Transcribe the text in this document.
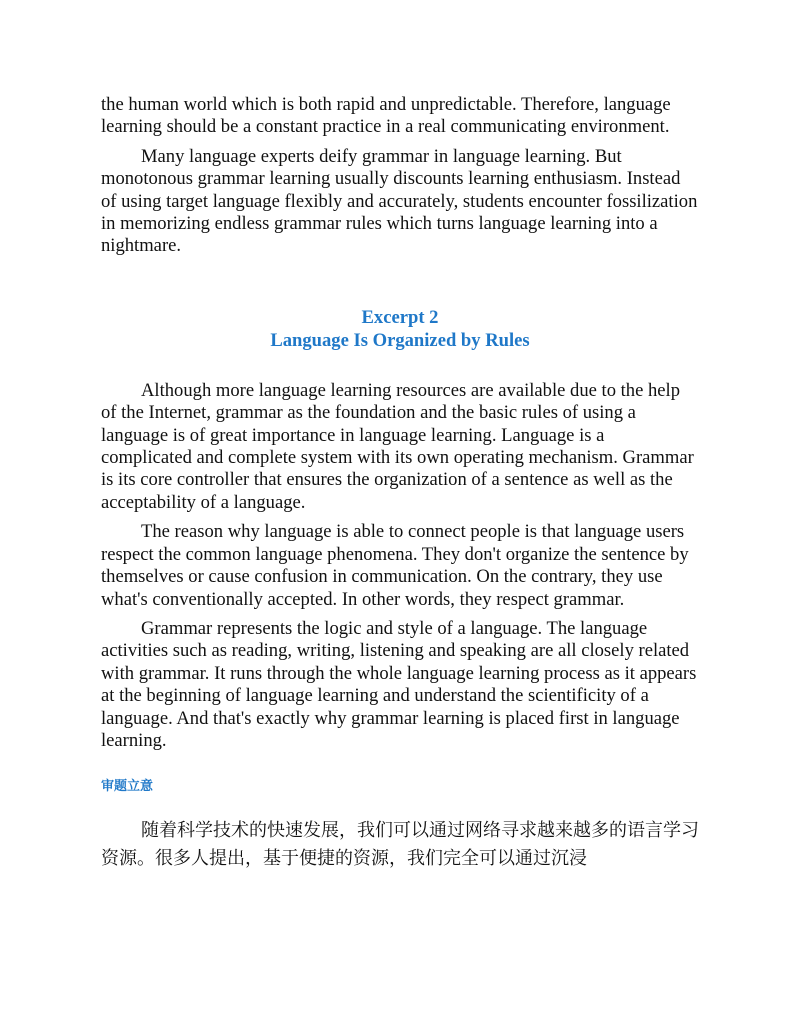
the human world which is both rapid and unpredictable. Therefore, language learning should be a constant practice in a real communicating environment.

Many language experts deify grammar in language learning. But monotonous grammar learning usually discounts learning enthusiasm. Instead of using target language flexibly and accurately, students encounter fossilization in memorizing endless grammar rules which turns language learning into a nightmare.

Excerpt 2
Language Is Organized by Rules

Although more language learning resources are available due to the help of the Internet, grammar as the foundation and the basic rules of using a language is of great importance in language learning. Language is a complicated and complete system with its own operating mechanism. Grammar is its core controller that ensures the organization of a sentence as well as the acceptability of a language.

The reason why language is able to connect people is that language users respect the common language phenomena. They don't organize the sentence by themselves or cause confusion in communication. On the contrary, they use what's conventionally accepted. In other words, they respect grammar.

Grammar represents the logic and style of a language. The language activities such as reading, writing, listening and speaking are all closely related with grammar. It runs through the whole language learning process as it appears at the beginning of language learning and understand the scientificity of a language. And that's exactly why grammar learning is placed first in language learning.

审题立意

随着科学技术的快速发展，我们可以通过网络寻求越来越多的语言学习资源。很多人提出，基于便捷的资源，我们完全可以通过沉浸
